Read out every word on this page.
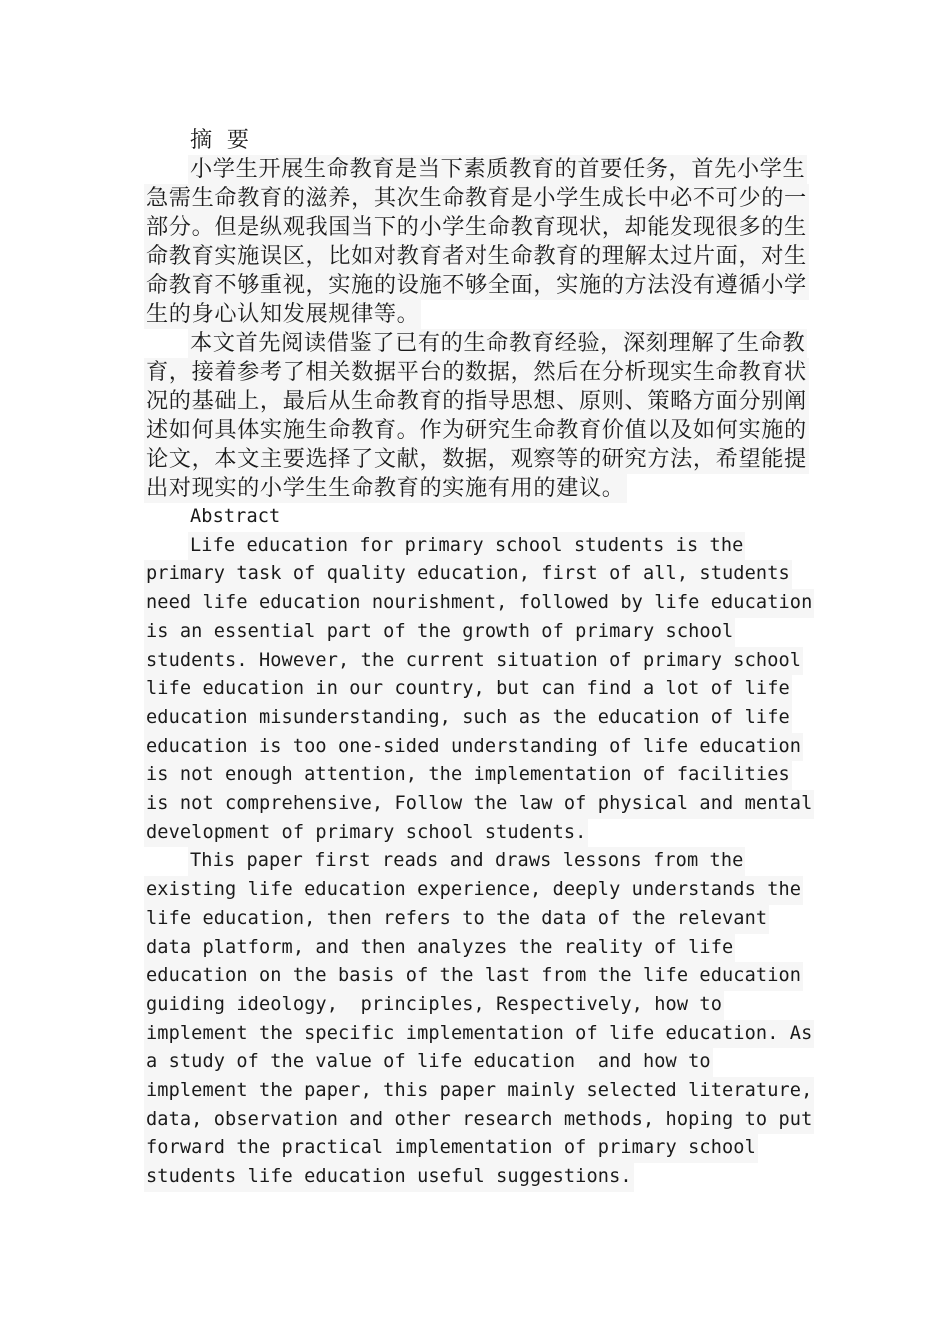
摘 要
小学生开展生命教育是当下素质教育的首要任务，首先小学生
急需生命教育的滋养，其次生命教育是小学生成长中必不可少的一
部分。但是纵观我国当下的小学生命教育现状，却能发现很多的生
命教育实施误区，比如对教育者对生命教育的理解太过片面，对生
命教育不够重视，实施的设施不够全面，实施的方法没有遵循小学
生的身心认知发展规律等。
本文首先阅读借鉴了已有的生命教育经验，深刻理解了生命教
育，接着参考了相关数据平台的数据，然后在分析现实生命教育状
况的基础上，最后从生命教育的指导思想、原则、策略方面分别阐
述如何具体实施生命教育。作为研究生命教育价值以及如何实施的
论文，本文主要选择了文献，数据，观察等的研究方法，希望能提
出对现实的小学生生命教育的实施有用的建议。
Abstract
Life education for primary school students is the
primary task of quality education, first of all, students
need life education nourishment, followed by life education
is an essential part of the growth of primary school
students. However, the current situation of primary school
life education in our country, but can find a lot of life
education misunderstanding, such as the education of life
education is too one-sided understanding of life education
is not enough attention, the implementation of facilities
is not comprehensive, Follow the law of physical and mental
development of primary school students.
This paper first reads and draws lessons from the
existing life education experience, deeply understands the
life education, then refers to the data of the relevant
data platform, and then analyzes the reality of life
education on the basis of the last from the life education
guiding ideology,  principles, Respectively, how to
implement the specific implementation of life education. As
a study of the value of life education  and how to
implement the paper, this paper mainly selected literature,
data, observation and other research methods, hoping to put
forward the practical implementation of primary school
students life education useful suggestions.
